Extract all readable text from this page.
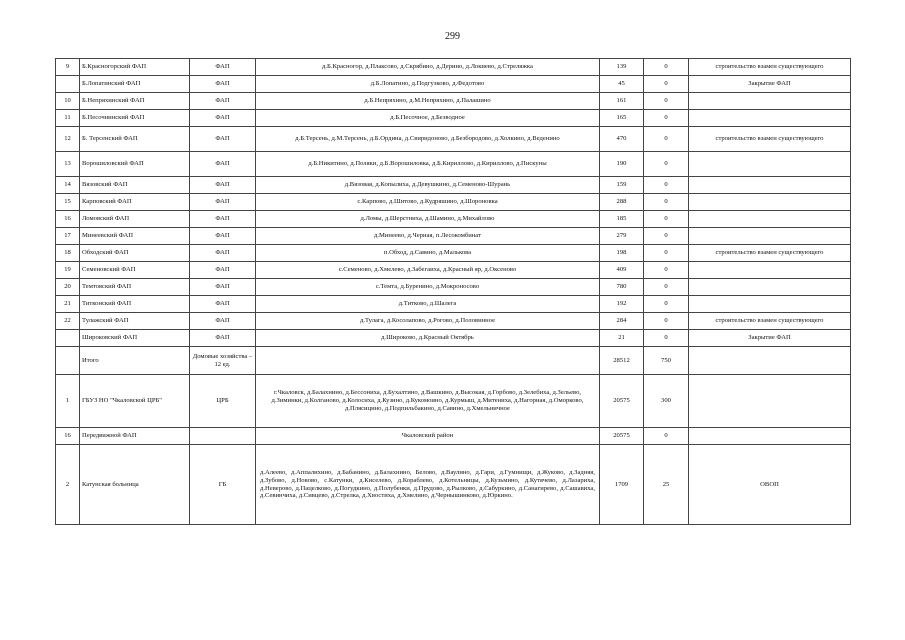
299
9	Б.Красногорский ФАП	ФАП	д.Б.Красногор, д.Плаксово, д.Скрябино, д.Дерино, д.Локиево, д.Стреляжка	139	0	строительство взамен существующего
	Б.Лопатинский ФАП	ФАП	д.Б.Лопатино, д.Подгузково, д.Федотово	45	0	Закрытие ФАП
10	Б.Непряхинский ФАП	ФАП	д.Б.Непряхино, д.М.Непряхино, д.Палашино	161	0	
11	Б.Песочнинский ФАП	ФАП	д.Б.Песочное, д.Безводное	165	0	
12	Б. Терсенский ФАП	ФАП	д.Б.Терсень, д.М.Терсень, д.Б.Ордина, д.Свиридоново, д.Безбородово, д.Холкино, д.Веденино	470	0	строительство взамен существующего
13	Ворошиловский ФАП	ФАП	д.Б.Никитино, д.Поляки, д.Б.Ворошиловка, д.Б.Кириллово, д.Кириллово, д.Пискуны	190	0	
14	Вязовский ФАП	ФАП	д.Вязовая, д.Копылиха, д.Девушкино, д.Семеново-Шурань	159	0	
15	Карповский ФАП	ФАП	с.Карпово, д.Шитово, д.Кудряшино, д.Шороновка	288	0	
16	Ломовский ФАП	ФАП	д.Ломы, д.Шерстниха, д.Шамино, д.Михайлово	185	0	
17	Минеевский ФАП	ФАП	д.Минеево, д.Черная, п.Лесокомбинат	279	0	
18	Обходский ФАП	ФАП	п.Обход, д.Савино, д.Малькова	198	0	строительство взамен существующего
19	Семеновский ФАП	ФАП	с.Семеново, д.Хмелево, д.Забегаиха, д.Красный яр, д.Оксеново	409	0	
20	Темтовский ФАП	ФАП	с.Темта, д.Буренино, д.Мокроносово	780	0	
21	Титконский ФАП	ФАП	д.Титково, д.Шалега	192	0	
22	Тулажский ФАП	ФАП	д.Тулага, д.Косолапово, д.Рогово, д.Половинное	284	0	строительство взамен существующего
	Широковский ФАП	ФАП	д.Широково, д.Красный Октябрь	21	0	Закрытие ФАП
	Итого	Домовые хозяйства – 12 ед.		28512	750	
1	ГБУЗ НО "Чкаловской ЦРБ"	ЦРБ	г.Чкаловск, д.Балахнино, д.Бессониха, д.Бухалтино, д.Вашкино, д.Высокая, д.Горбово, д.Зелебиха, д.Зельево, д.Зиминки, д.Колганово, д.Колосиха, д.Кузино, д.Кукомоино, д.Курмыш, д.Митениха, д.Нагорная, д.Оморково, д.Плясицино, д.Подпильбакино, д.Савино, д.Хмельничное	20575	300	
16	Передвижной ФАП		Чкаловский район	20575	0	
2	Катунская больница	ГБ	д.Алеево, д.Аппалихино, д.Бабанино, д.Балахнино, Белово, д.Ваулино, д.Гари, д.Гумнищи, д.Жуково, д.Задняя, д.Зубово, д.Новово, с.Катунки, д.Киселево, д.Кораблево, д.Котельницы, д.Кузьмино, д.Кутячево, д.Лазариха, д.Неверово, д.Пацелково, д.Погудкино, д.Полубенки, д.Прудово, д.Рылково, д.Сабуркино, д.Санагирево, д.Сашавиха, д.Севинчиха, д.Сивцево, д.Стрелка, д.Хвостиха, д.Хмелино, д.Чернышинково, д.Юркино.	1709	25	ОВОП
